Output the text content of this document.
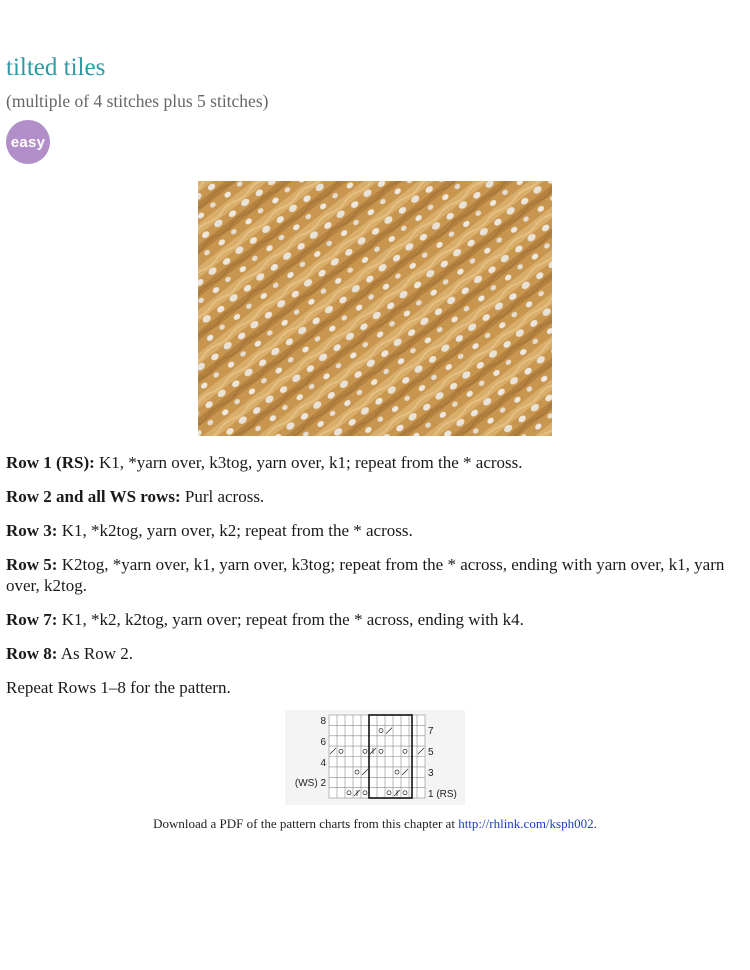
tilted tiles
(multiple of 4 stitches plus 5 stitches)
easy

Row 1 (RS): K1, *yarn over, k3tog, yarn over, k1; repeat from the * across.

Row 2 and all WS rows: Purl across.

Row 3: K1, *k2tog, yarn over, k2; repeat from the * across.

Row 5: K2tog, *yarn over, k1, yarn over, k3tog; repeat from the * across, ending with yarn over, k1, yarn over, k2tog.

Row 7: K1, *k2, k2tog, yarn over; repeat from the * across, ending with k4.

Row 8: As Row 2.

Repeat Rows 1–8 for the pattern.

8
6
4
(WS) 2
7
5
3
1 (RS)
Download a PDF of the pattern charts from this chapter at http://rhlink.com/ksph002.
